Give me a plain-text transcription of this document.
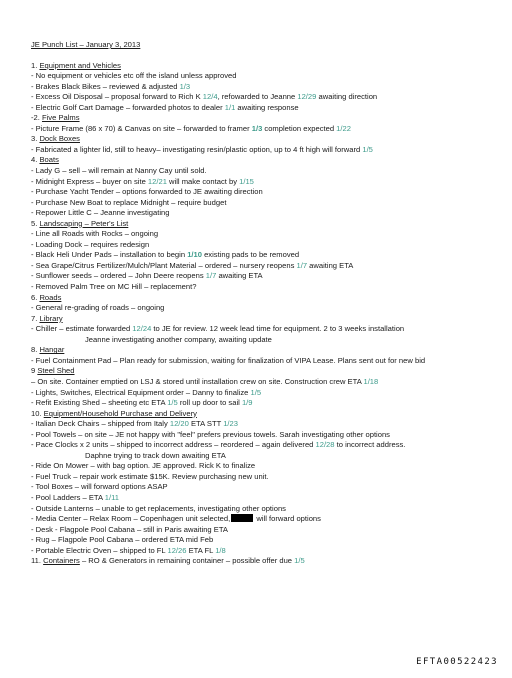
JE Punch List – January 3, 2013
1. Equipment and Vehicles
- No equipment or vehicles etc off the island unless approved
- Brakes Black Bikes – reviewed & adjusted 1/3
- Excess Oil Disposal – proposal forward to Rich K 12/4, refowarded to Jeanne 12/29 awaiting direction
- Electric Golf Cart Damage – forwarded photos to dealer 1/1 awaiting response
-2. Five Palms
- Picture Frame (86 x 70) & Canvas on site – forwarded to framer 1/3 completion expected 1/22
3. Dock Boxes
- Fabricated a lighter lid, still to heavy– investigating resin/plastic option, up to 4 ft high will forward 1/5
4. Boats
- Lady G – sell – will remain at Nanny Cay until sold.
- Midnight Express – buyer on site 12/21 will make contact by 1/15
- Purchase Yacht Tender – options forwarded to JE awaiting direction
- Purchase New Boat to replace Midnight – require budget
- Repower Little C – Jeanne investigating
5. Landscaping – Peter's List
- Line all Roads with Rocks – ongoing
- Loading Dock – requires redesign
- Black Heli Under Pads – installation to begin 1/10 existing pads to be removed
- Sea Grape/Citrus Fertilizer/Mulch/Plant Material – ordered – nursery reopens 1/7 awaiting ETA
- Sunflower seeds – ordered – John Deere reopens 1/7 awaiting ETA
- Removed Palm Tree on MC Hill – replacement?
6. Roads
- General re-grading of roads – ongoing
7. Library
- Chiller – estimate forwarded 12/24 to JE for review. 12 week lead time for equipment. 2 to 3 weeks installation
Jeanne investigating another company, awaiting update
8. Hangar
- Fuel Containment Pad – Plan ready for submission, waiting for finalization of VIPA Lease. Plans sent out for new bid
9 Steel Shed
– On site. Container emptied on LSJ & stored until installation crew on site. Construction crew ETA 1/18
- Lights, Switches, Electrical Equipment order – Danny to finalize 1/5
- Refit Existing Shed – sheeting etc ETA 1/5 roll up door to sail 1/9
10. Equipment/Household Purchase and Delivery
- Italian Deck Chairs – shipped from Italy 12/20 ETA STT 1/23
- Pool Towels – on site – JE not happy with "feel" prefers previous towels. Sarah investigating other options
- Pace Clocks x 2 units – shipped to incorrect address – reordered – again delivered 12/28 to incorrect address.
Daphne trying to track down awaiting ETA
- Ride On Mower – with bag option. JE approved. Rick K to finalize
- Fuel Truck – repair work estimate $15K. Review purchasing new unit.
- Tool Boxes – will forward options ASAP
- Pool Ladders – ETA 1/11
- Outside Lanterns – unable to get replacements, investigating other options
- Media Center – Relax Room – Copenhagen unit selected,	will forward options
- Desk - Flagpole Pool Cabana – still in Paris awaiting ETA
- Rug – Flagpole Pool Cabana – ordered ETA mid Feb
- Portable Electric Oven – shipped to FL 12/26 ETA FL 1/8
11. Containers – RO & Generators in remaining container – possible offer due 1/5
EFTA00522423
